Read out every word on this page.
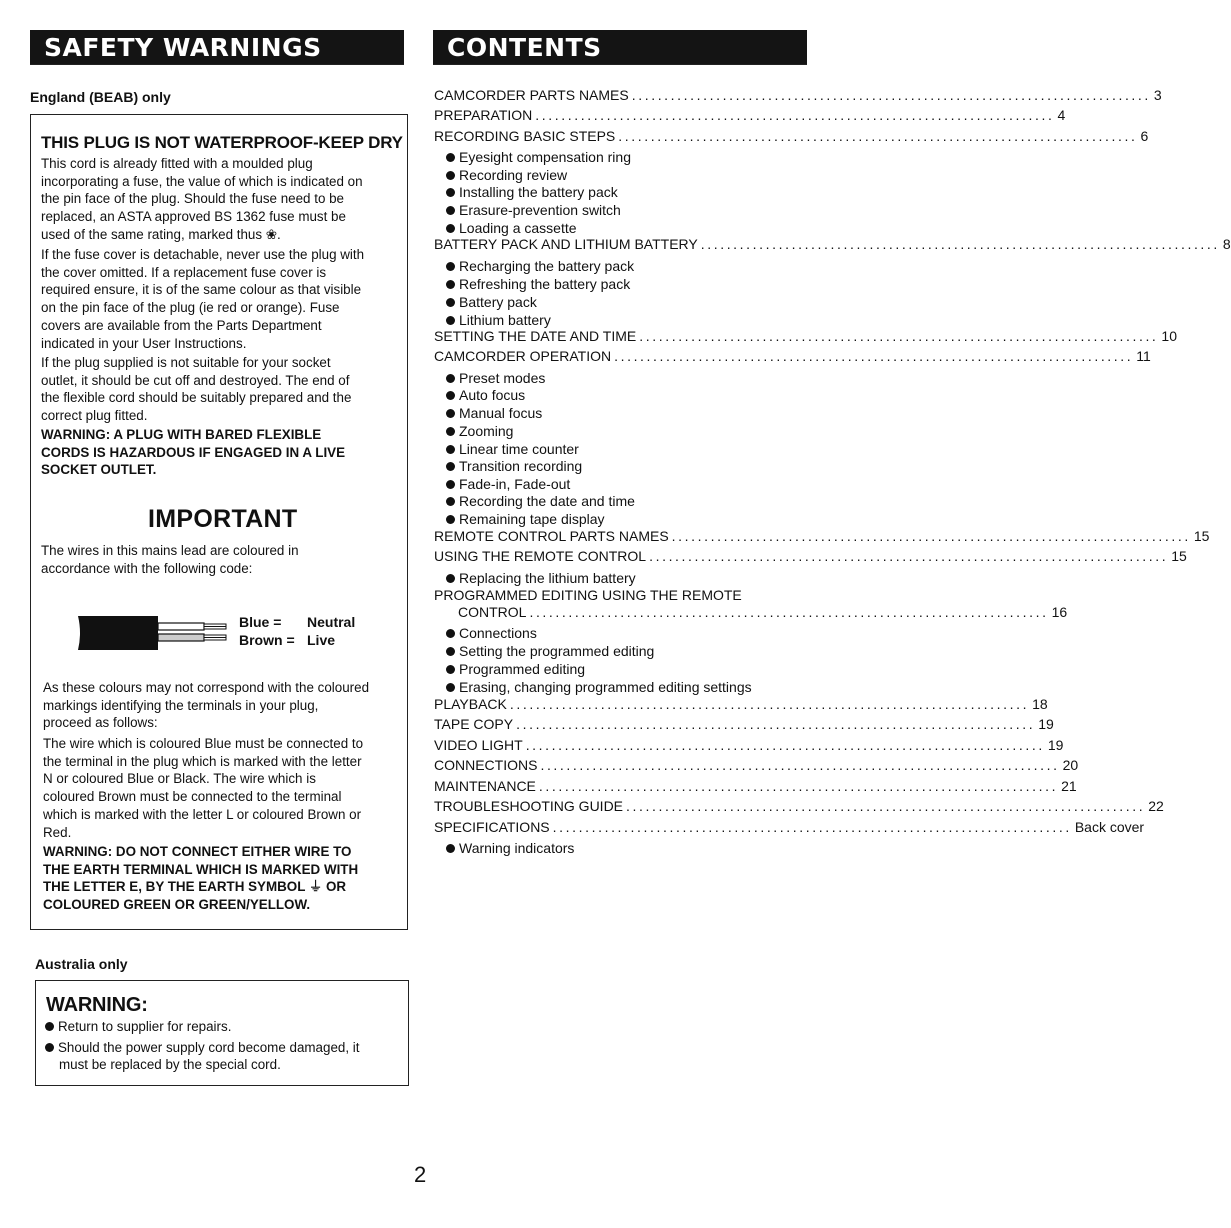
SAFETY WARNINGS
England (BEAB) only
THIS PLUG IS NOT WATERPROOF-KEEP DRY
This cord is already fitted with a moulded plug
incorporating a fuse, the value of which is indicated on
the pin face of the plug. Should the fuse need to be
replaced, an ASTA approved BS 1362 fuse must be
used of the same rating, marked thus ❀.
If the fuse cover is detachable, never use the plug with
the cover omitted. If a replacement fuse cover is
required ensure, it is of the same colour as that visible
on the pin face of the plug (ie red or orange). Fuse
covers are available from the Parts Department
indicated in your User Instructions.
If the plug supplied is not suitable for your socket
outlet, it should be cut off and destroyed. The end of
the flexible cord should be suitably prepared and the
correct plug fitted.
WARNING: A PLUG WITH BARED FLEXIBLE
CORDS IS HAZARDOUS IF ENGAGED IN A LIVE
SOCKET OUTLET.
IMPORTANT
The wires in this mains lead are coloured in
accordance with the following code:
Blue = Neutral
Brown = Live
As these colours may not correspond with the coloured
markings identifying the terminals in your plug,
proceed as follows:
The wire which is coloured Blue must be connected to
the terminal in the plug which is marked with the letter
N or coloured Blue or Black. The wire which is
coloured Brown must be connected to the terminal
which is marked with the letter L or coloured Brown or
Red.
WARNING: DO NOT CONNECT EITHER WIRE TO
THE EARTH TERMINAL WHICH IS MARKED WITH
THE LETTER E, BY THE EARTH SYMBOL ⏚ OR
COLOURED GREEN OR GREEN/YELLOW.
Australia only
WARNING:
Return to supplier for repairs.
Should the power supply cord become damaged, it
must be replaced by the special cord.
CONTENTS
CAMCORDER PARTS NAMES ................................................................................ 3
PREPARATION ................................................................................ 4
RECORDING BASIC STEPS ................................................................................ 6
Eyesight compensation ring
Recording review
Installing the battery pack
Erasure-prevention switch
Loading a cassette
BATTERY PACK AND LITHIUM BATTERY ................................................................................ 8
Recharging the battery pack
Refreshing the battery pack
Battery pack
Lithium battery
SETTING THE DATE AND TIME ................................................................................ 10
CAMCORDER OPERATION ................................................................................ 11
Preset modes
Auto focus
Manual focus
Zooming
Linear time counter
Transition recording
Fade-in, Fade-out
Recording the date and time
Remaining tape display
REMOTE CONTROL PARTS NAMES ................................................................................ 15
USING THE REMOTE CONTROL ................................................................................ 15
Replacing the lithium battery
PROGRAMMED EDITING USING THE REMOTE
CONTROL ................................................................................ 16
Connections
Setting the programmed editing
Programmed editing
Erasing, changing programmed editing settings
PLAYBACK ................................................................................ 18
TAPE COPY ................................................................................ 19
VIDEO LIGHT ................................................................................ 19
CONNECTIONS ................................................................................ 20
MAINTENANCE ................................................................................ 21
TROUBLESHOOTING GUIDE ................................................................................ 22
SPECIFICATIONS ................................................................................ Back cover
Warning indicators
2
